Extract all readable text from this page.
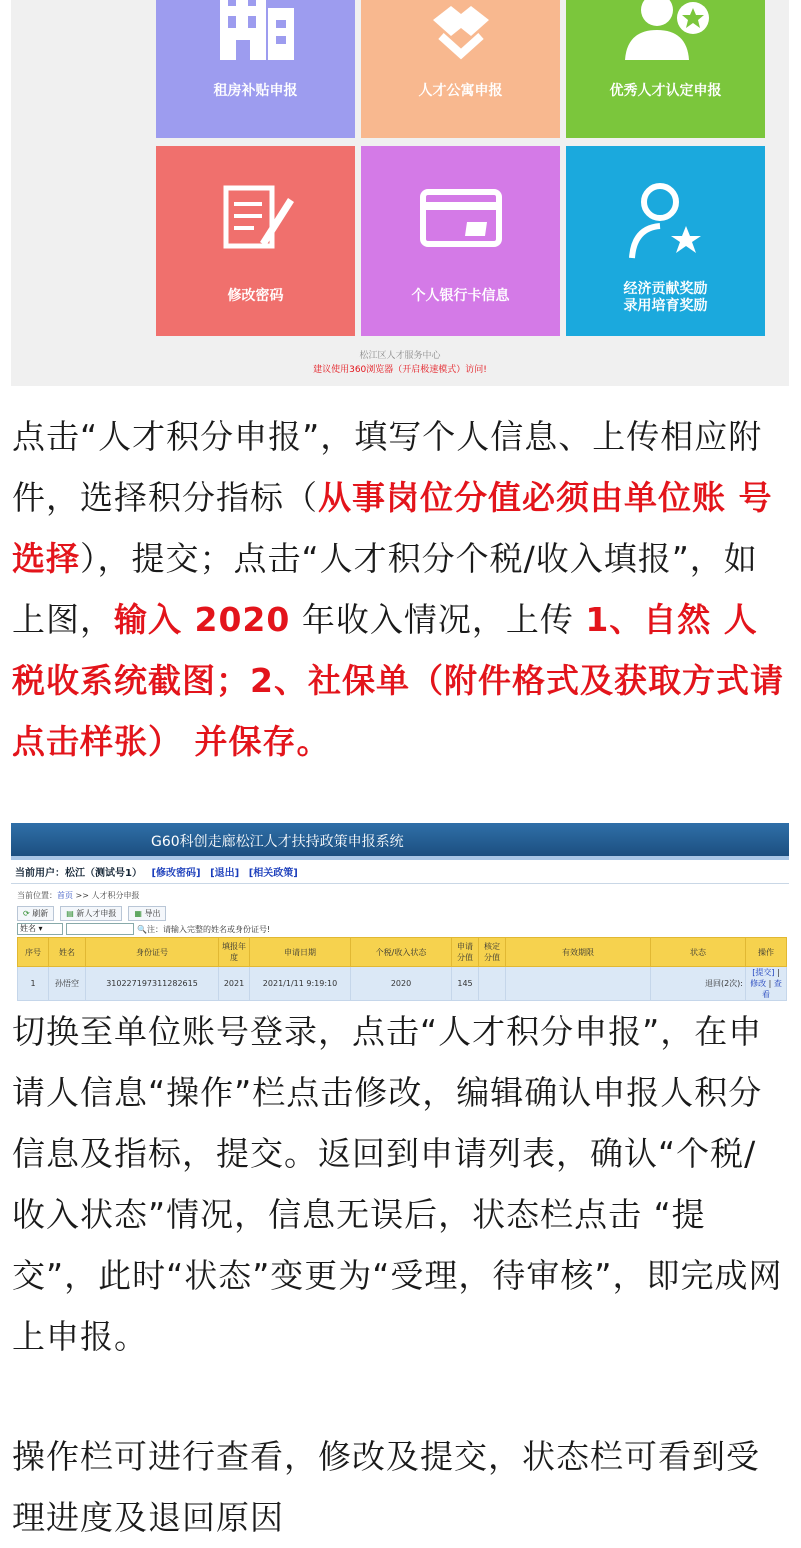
租房补贴申报	人才公寓申报	优秀人才认定申报
修改密码	个人银行卡信息	经济贡献奖励
录用培育奖励
松江区人才服务中心
建议使用360浏览器（开启极速模式）访问!
点击“人才积分申报”，填写个人信息、上传相应附件，选择积分指标（从事岗位分值必须由单位账 号选择），提交；点击“人才积分个税/收入填报”，如上图，输入 2020 年收入情况，上传 1、自然 人税收系统截图；2、社保单（附件格式及获取方式请点击样张） 并保存。
G60科创走廊松江人才扶持政策申报系统
当前用户：松江（测试号1） [修改密码] [退出] [相关政策]
当前位置：首页 >> 人才积分申报
⟳ 刷新	▤ 新人才申报	▦ 导出
姓名 ▾	🔍注：请输入完整的姓名或身份证号!
序号	姓名	身份证号	填报年度	申请日期	个税/收入状态	申请分值	核定分值	有效期限	状态	操作
1	孙悟空	310227197311282615	2021	2021/1/11 9:19:10	2020	145			退回(2次):	[提交] | 修改 | 查看
切换至单位账号登录，点击“人才积分申报”，在申请人信息“操作”栏点击修改，编辑确认申报人积分信息及指标，提交。返回到申请列表，确认“个税/收入状态”情况，信息无误后，状态栏点击 “提交”，此时“状态”变更为“受理，待审核”，即完成网上申报。
操作栏可进行查看，修改及提交，状态栏可看到受理进度及退回原因
